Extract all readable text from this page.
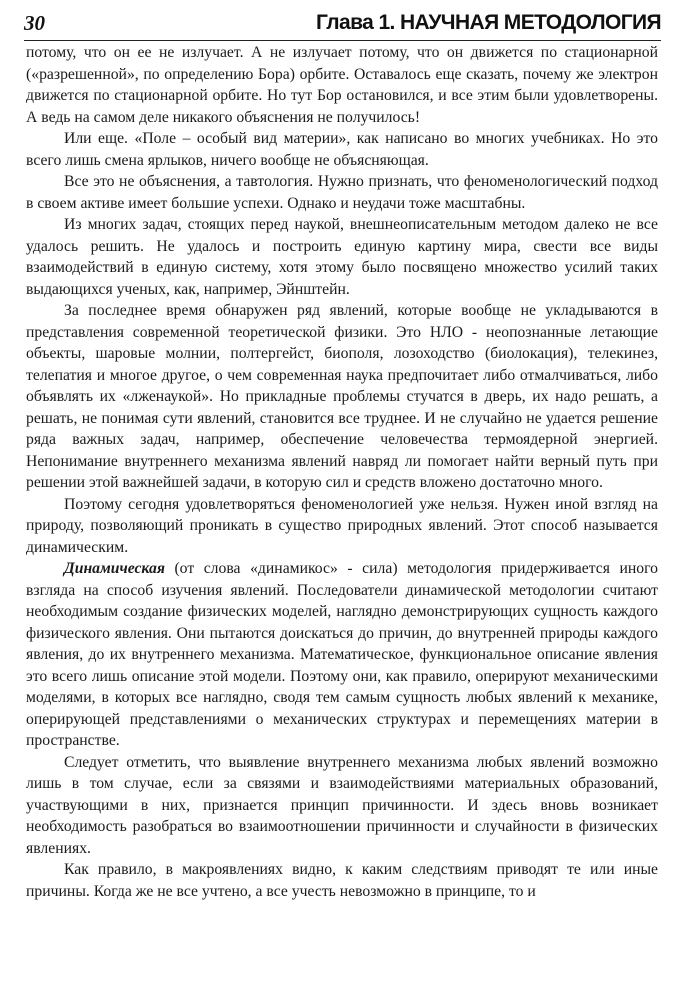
30	Глава 1. НАУЧНАЯ МЕТОДОЛОГИЯ

потому, что он ее не излучает. А не излучает потому, что он движется по стационарной («разрешенной», по определению Бора) орбите. Оставалось еще сказать, почему же электрон движется по стационарной орбите. Но тут Бор остановился, и все этим были удовлетворены. А ведь на самом деле никакого объяснения не получилось!

Или еще. «Поле – особый вид материи», как написано во многих учебниках. Но это всего лишь смена ярлыков, ничего вообще не объясняющая.

Все это не объяснения, а тавтология. Нужно признать, что феноменологический подход в своем активе имеет большие успехи. Однако и неудачи тоже масштабны.

Из многих задач, стоящих перед наукой, внешнеописательным методом далеко не все удалось решить. Не удалось и построить единую картину мира, свести все виды взаимодействий в единую систему, хотя этому было посвящено множество усилий таких выдающихся ученых, как, например, Эйнштейн.

За последнее время обнаружен ряд явлений, которые вообще не укладываются в представления современной теоретической физики. Это НЛО - неопознанные летающие объекты, шаровые молнии, полтергейст, биополя, лозоходство (биолокация), телекинез, телепатия и многое другое, о чем современная наука предпочитает либо отмалчиваться, либо объявлять их «лженаукой». Но прикладные проблемы стучатся в дверь, их надо решать, а решать, не понимая сути явлений, становится все труднее. И не случайно не удается решение ряда важных задач, например, обеспечение человечества термоядерной энергией. Непонимание внутреннего механизма явлений навряд ли помогает найти верный путь при решении этой важнейшей задачи, в которую сил и средств вложено достаточно много.

Поэтому сегодня удовлетворяться феноменологией уже нельзя. Нужен иной взгляд на природу, позволяющий проникать в существо природных явлений. Этот способ называется динамическим.

Динамическая (от слова «динамикос» - сила) методология придерживается иного взгляда на способ изучения явлений. Последователи динамической методологии считают необходимым создание физических моделей, наглядно демонстрирующих сущность каждого физического явления. Они пытаются доискаться до причин, до внутренней природы каждого явления, до их внутреннего механизма. Математическое, функциональное описание явления это всего лишь описание этой модели. Поэтому они, как правило, оперируют механическими моделями, в которых все наглядно, сводя тем самым сущность любых явлений к механике, оперирующей представлениями о механических структурах и перемещениях материи в пространстве.

Следует отметить, что выявление внутреннего механизма любых явлений возможно лишь в том случае, если за связями и взаимодействиями материальных образований, участвующими в них, признается принцип причинности. И здесь вновь возникает необходимость разобраться во взаимоотношении причинности и случайности в физических явлениях.

Как правило, в макроявлениях видно, к каким следствиям приводят те или иные причины. Когда же не все учтено, а все учесть невозможно в принципе, то и
